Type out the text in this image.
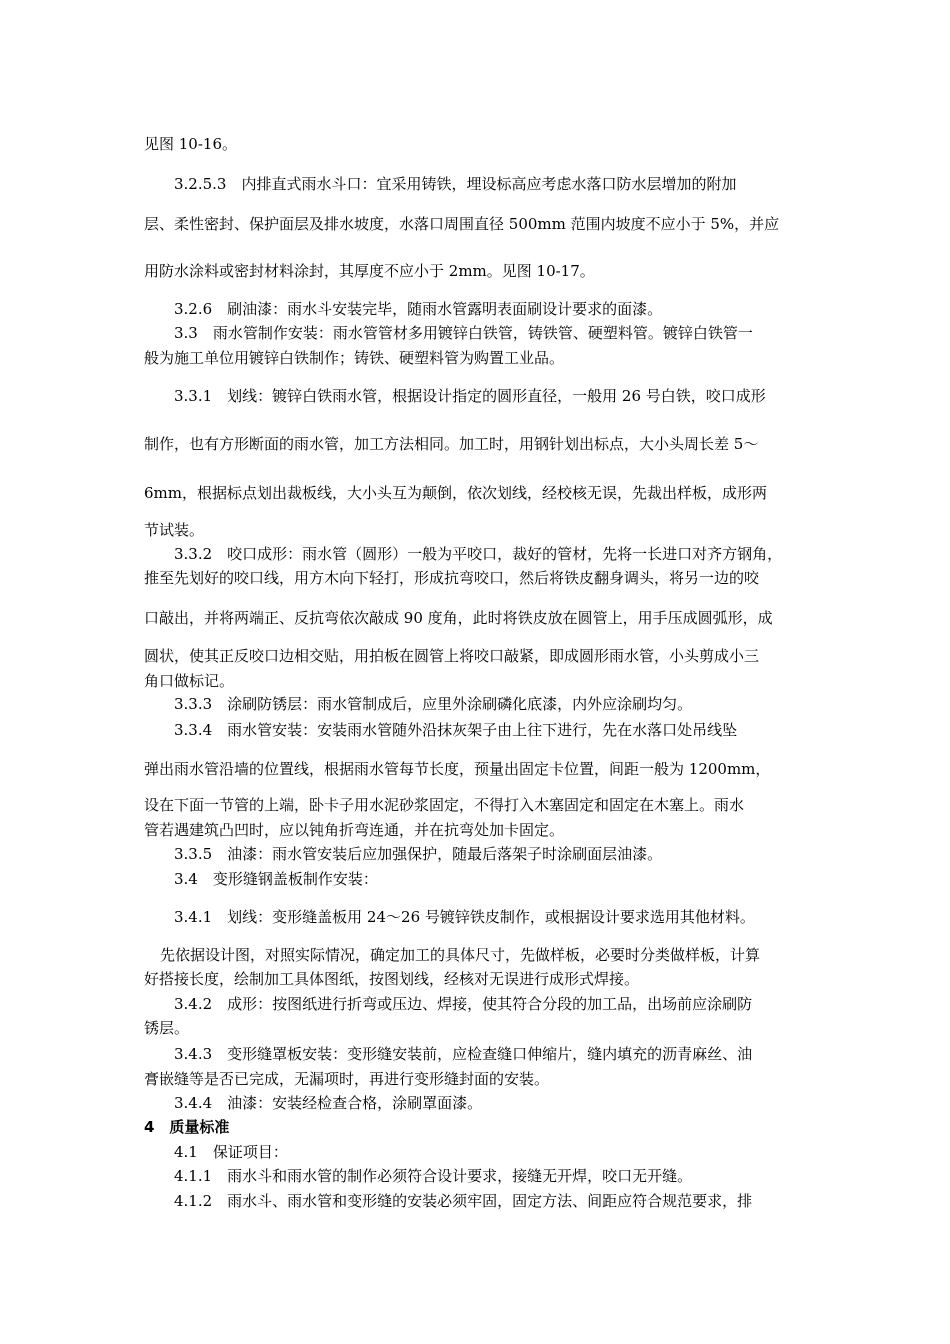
见图 10-16。
3.2.5.3　内排直式雨水斗口：宜采用铸铁，埋设标高应考虑水落口防水层增加的附加
层、柔性密封、保护面层及排水坡度，水落口周围直径 500mm 范围内坡度不应小于 5%，并应
用防水涂料或密封材料涂封，其厚度不应小于 2mm。见图 10-17。
3.2.6　刷油漆：雨水斗安装完毕，随雨水管露明表面刷设计要求的面漆。
3.3　雨水管制作安装：雨水管管材多用镀锌白铁管，铸铁管、硬塑料管。镀锌白铁管一
般为施工单位用镀锌白铁制作；铸铁、硬塑料管为购置工业品。
3.3.1　划线：镀锌白铁雨水管，根据设计指定的圆形直径，一般用 26 号白铁，咬口成形
制作，也有方形断面的雨水管，加工方法相同。加工时，用钢针划出标点，大小头周长差 5～
6mm，根据标点划出裁板线，大小头互为颠倒，依次划线，经校核无误，先裁出样板，成形两
节试装。
3.3.2　咬口成形：雨水管（圆形）一般为平咬口，裁好的管材，先将一长进口对齐方钢角，
推至先划好的咬口线，用方木向下轻打，形成抗弯咬口，然后将铁皮翻身调头，将另一边的咬
口敲出，并将两端正、反抗弯依次敲成 90 度角，此时将铁皮放在圆管上，用手压成圆弧形，成
圆状，使其正反咬口边相交贴，用拍板在圆管上将咬口敲紧，即成圆形雨水管，小头剪成小三
角口做标记。
3.3.3　涂刷防锈层：雨水管制成后，应里外涂刷磷化底漆，内外应涂刷均匀。
3.3.4　雨水管安装：安装雨水管随外沿抹灰架子由上往下进行，先在水落口处吊线坠
弹出雨水管沿墙的位置线，根据雨水管每节长度，预量出固定卡位置，间距一般为 1200mm，
设在下面一节管的上端，卧卡子用水泥砂浆固定，不得打入木塞固定和固定在木塞上。雨水
管若遇建筑凸凹时，应以钝角折弯连通，并在抗弯处加卡固定。
3.3.5　油漆：雨水管安装后应加强保护，随最后落架子时涂刷面层油漆。
3.4　变形缝钢盖板制作安装：
3.4.1　划线：变形缝盖板用 24～26 号镀锌铁皮制作，或根据设计要求选用其他材料。
先依据设计图，对照实际情况，确定加工的具体尺寸，先做样板，必要时分类做样板，计算
好搭接长度，绘制加工具体图纸，按图划线，经核对无误进行成形式焊接。
3.4.2　成形：按图纸进行折弯或压边、焊接，使其符合分段的加工品，出场前应涂刷防
锈层。
3.4.3　变形缝罩板安装：变形缝安装前，应检查缝口伸缩片，缝内填充的沥青麻丝、油
膏嵌缝等是否已完成，无漏项时，再进行变形缝封面的安装。
3.4.4　油漆：安装经检查合格，涂刷罩面漆。
4　质量标准
4.1　保证项目：
4.1.1　雨水斗和雨水管的制作必须符合设计要求，接缝无开焊，咬口无开缝。
4.1.2　雨水斗、雨水管和变形缝的安装必须牢固，固定方法、间距应符合规范要求，排
